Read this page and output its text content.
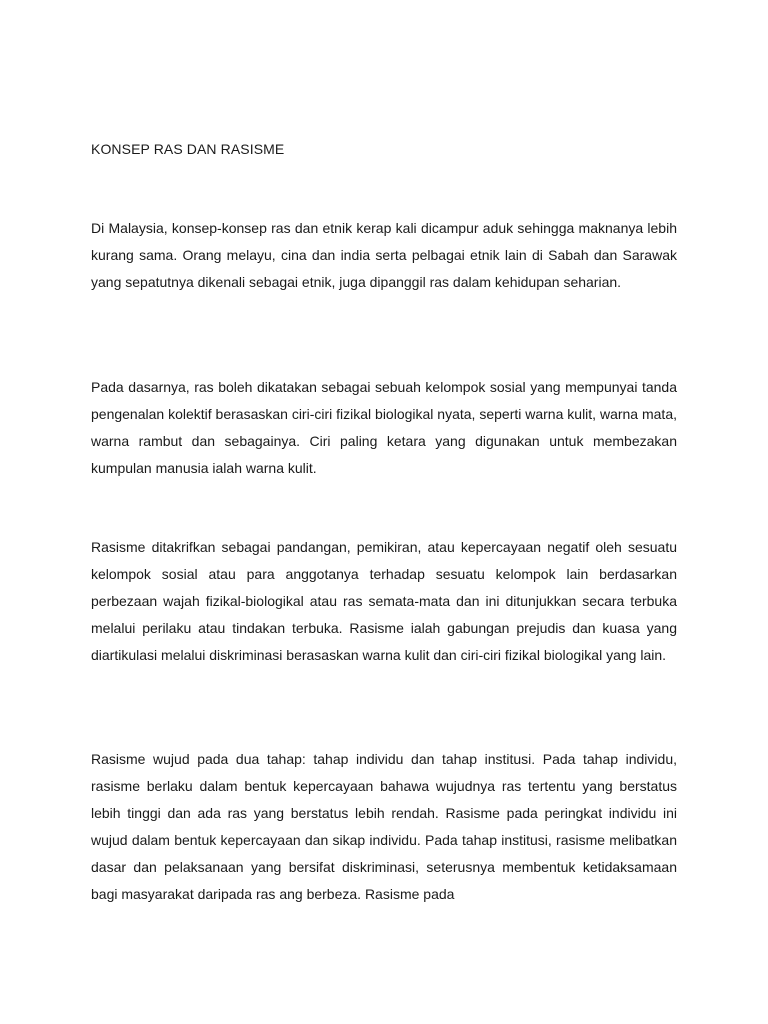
KONSEP RAS DAN RASISME

Di Malaysia, konsep-konsep ras dan etnik kerap kali dicampur aduk sehingga maknanya lebih kurang sama. Orang melayu, cina dan india serta pelbagai etnik lain di Sabah dan Sarawak yang sepatutnya dikenali sebagai etnik, juga dipanggil ras dalam kehidupan seharian.

Pada dasarnya, ras boleh dikatakan sebagai sebuah kelompok sosial yang mempunyai tanda pengenalan kolektif berasaskan ciri-ciri fizikal biologikal nyata, seperti warna kulit, warna mata, warna rambut dan sebagainya. Ciri paling ketara yang digunakan untuk membezakan kumpulan manusia ialah warna kulit.

Rasisme ditakrifkan sebagai pandangan, pemikiran, atau kepercayaan negatif oleh sesuatu kelompok sosial atau para anggotanya terhadap sesuatu kelompok lain berdasarkan perbezaan wajah fizikal-biologikal atau ras semata-mata dan ini ditunjukkan secara terbuka melalui perilaku atau tindakan terbuka. Rasisme ialah gabungan prejudis dan kuasa yang diartikulasi melalui diskriminasi berasaskan warna kulit dan ciri-ciri fizikal biologikal yang lain.

Rasisme wujud pada dua tahap: tahap individu dan tahap institusi. Pada tahap individu, rasisme berlaku dalam bentuk kepercayaan bahawa wujudnya ras tertentu yang berstatus lebih tinggi dan ada ras yang berstatus lebih rendah. Rasisme pada peringkat individu ini wujud dalam bentuk kepercayaan dan sikap individu. Pada tahap institusi, rasisme melibatkan dasar dan pelaksanaan yang bersifat diskriminasi, seterusnya membentuk ketidaksamaan bagi masyarakat daripada ras ang berbeza. Rasisme pada
